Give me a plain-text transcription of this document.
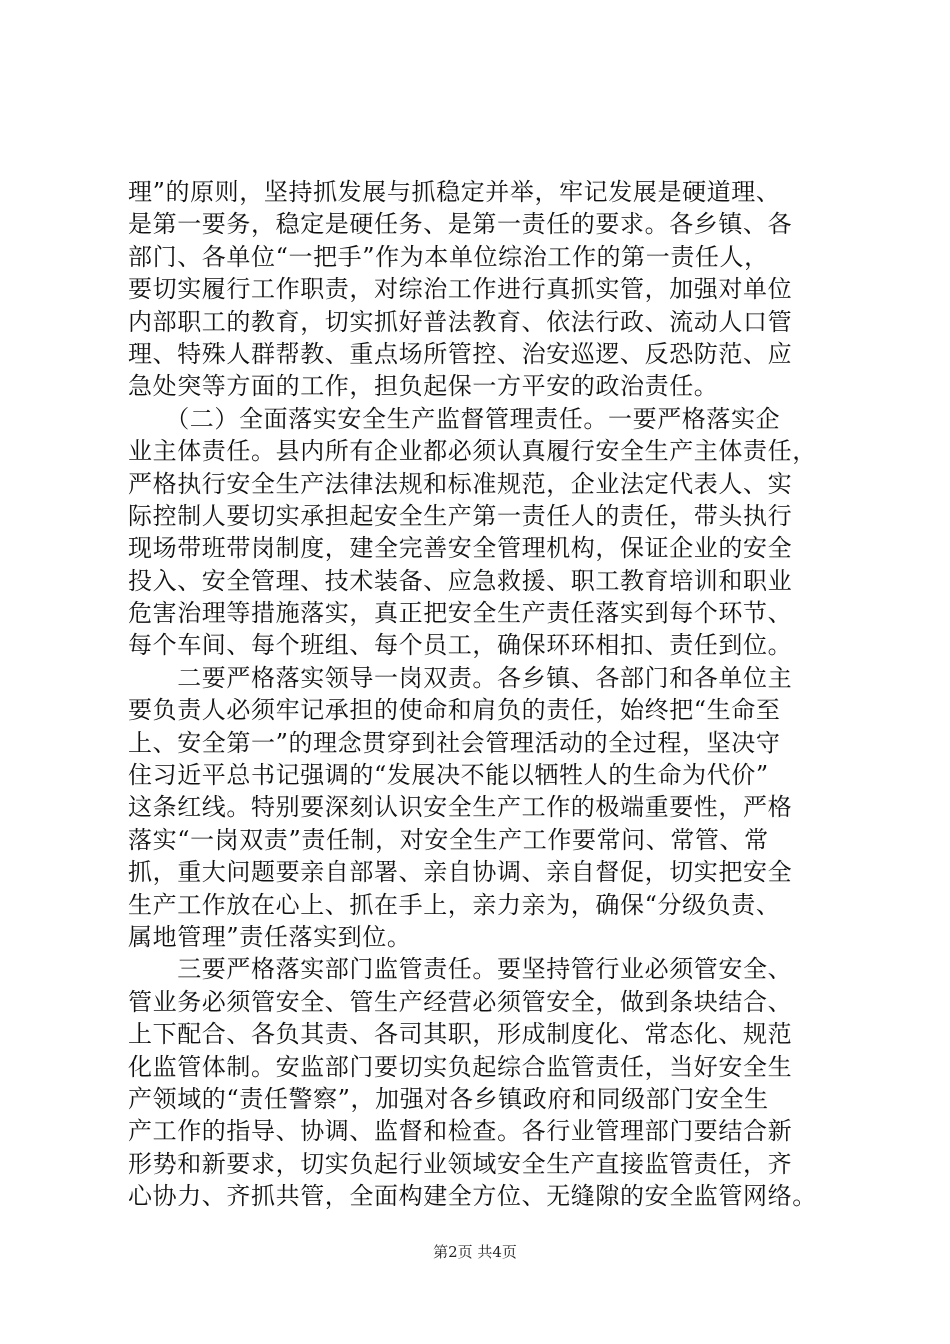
理”的原则，坚持抓发展与抓稳定并举，牢记发展是硬道理、
是第一要务，稳定是硬任务、是第一责任的要求。各乡镇、各
部门、各单位“一把手”作为本单位综治工作的第一责任人，
要切实履行工作职责，对综治工作进行真抓实管，加强对单位
内部职工的教育，切实抓好普法教育、依法行政、流动人口管
理、特殊人群帮教、重点场所管控、治安巡逻、反恐防范、应
急处突等方面的工作，担负起保一方平安的政治责任。
　　（二）全面落实安全生产监督管理责任。一要严格落实企
业主体责任。县内所有企业都必须认真履行安全生产主体责任，
严格执行安全生产法律法规和标准规范，企业法定代表人、实
际控制人要切实承担起安全生产第一责任人的责任，带头执行
现场带班带岗制度，建全完善安全管理机构，保证企业的安全
投入、安全管理、技术装备、应急救援、职工教育培训和职业
危害治理等措施落实，真正把安全生产责任落实到每个环节、
每个车间、每个班组、每个员工，确保环环相扣、责任到位。
　　二要严格落实领导一岗双责。各乡镇、各部门和各单位主
要负责人必须牢记承担的使命和肩负的责任，始终把“生命至
上、安全第一”的理念贯穿到社会管理活动的全过程，坚决守
住习近平总书记强调的“发展决不能以牺牲人的生命为代价”
这条红线。特别要深刻认识安全生产工作的极端重要性，严格
落实“一岗双责”责任制，对安全生产工作要常问、常管、常
抓，重大问题要亲自部署、亲自协调、亲自督促，切实把安全
生产工作放在心上、抓在手上，亲力亲为，确保“分级负责、
属地管理”责任落实到位。
　　三要严格落实部门监管责任。要坚持管行业必须管安全、
管业务必须管安全、管生产经营必须管安全，做到条块结合、
上下配合、各负其责、各司其职，形成制度化、常态化、规范
化监管体制。安监部门要切实负起综合监管责任，当好安全生
产领域的“责任警察”，加强对各乡镇政府和同级部门安全生
产工作的指导、协调、监督和检查。各行业管理部门要结合新
形势和新要求，切实负起行业领域安全生产直接监管责任，齐
心协力、齐抓共管，全面构建全方位、无缝隙的安全监管网络。
第2页 共4页
